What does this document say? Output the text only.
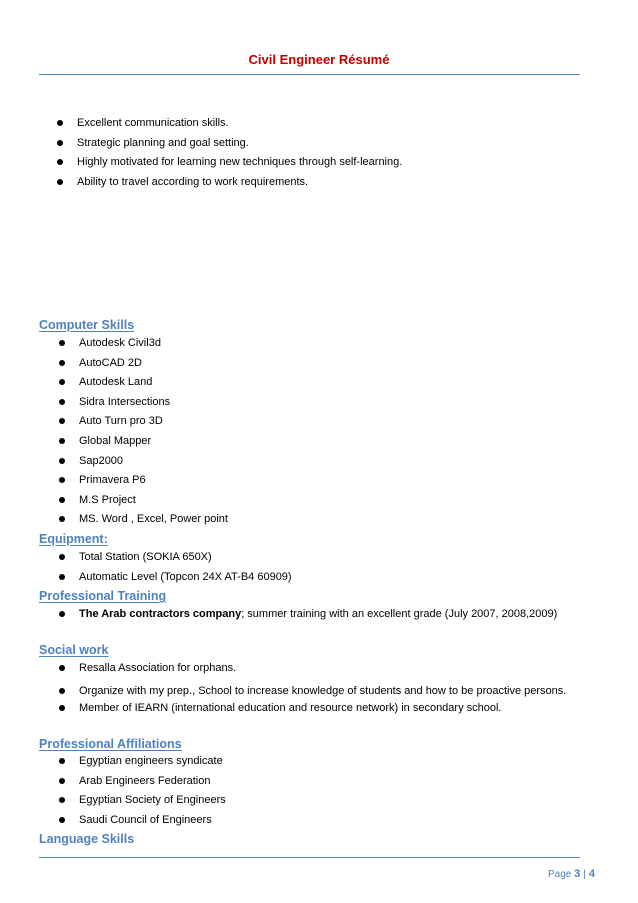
Civil Engineer Résumé
Excellent communication skills.
Strategic planning and goal setting.
Highly motivated for learning new techniques through self-learning.
Ability to travel according to work requirements.
Computer Skills
Autodesk Civil3d
AutoCAD 2D
Autodesk Land
Sidra Intersections
Auto Turn pro 3D
Global Mapper
Sap2000
Primavera P6
M.S Project
MS. Word , Excel, Power point
Equipment:
Total Station (SOKIA 650X)
Automatic Level (Topcon 24X AT-B4 60909)
Professional Training
The Arab contractors company; summer training with an excellent grade (July 2007, 2008,2009)
Social work
Resalla Association for orphans.
Organize with my prep., School to increase knowledge of students and how to be proactive persons.
Member of IEARN (international education and resource network) in secondary school.
Professional Affiliations
Egyptian engineers syndicate
Arab Engineers Federation
Egyptian Society of Engineers
Saudi Council of Engineers
Language Skills
Page 3 | 4
